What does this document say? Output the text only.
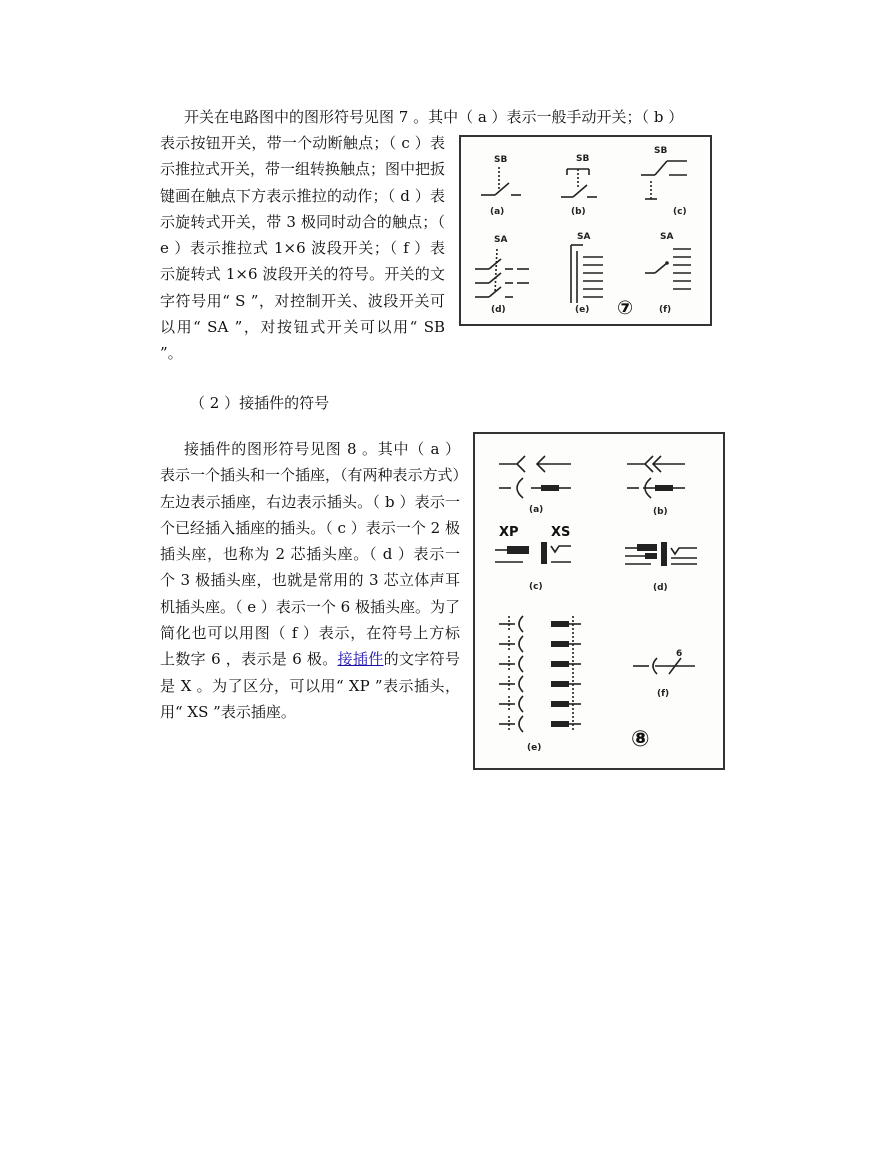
开关在电路图中的图形符号见图 7 。其中（ a ）表示一般手动开关；（ b ）

表示按钮开关，带一个动断触点；（ c ）表示推拉式开关，带一组转换触点；图中把扳键画在触点下方表示推拉的动作；（ d ）表示旋转式开关，带 3 极同时动合的触点；（ e ）表示推拉式 1×6 波段开关；（ f ）表示旋转式 1×6 波段开关的符号。开关的文字符号用“ S ”，对控制开关、波段开关可以用“ SA ”，对按钮式开关可以用“ SB ”。

SB	SB
SB
(a)	(b)	(c)
SA	SA	SA
(d)	(e) ⑦	(f)

（ 2 ）接插件的符号

接插件的图形符号见图 8 。其中（ a ）表示一个插头和一个插座，（有两种表示方式）左边表示插座，右边表示插头。（ b ）表示一个已经插入插座的插头。（ c ）表示一个 2 极插头座，也称为 2 芯插头座。（ d ）表示一个 3 极插头座，也就是常用的 3 芯立体声耳机插头座。（ e ）表示一个 6 极插头座。为了简化也可以用图（ f ）表示，在符号上方标上数字 6 ，表示是 6 极。接插件的文字符号是 X 。为了区分，可以用“ XP ”表示插头，用“ XS ”表示插座。

(a)	(b)
XP XS
(c)	(d)
(e)
6
(f)
⑧
